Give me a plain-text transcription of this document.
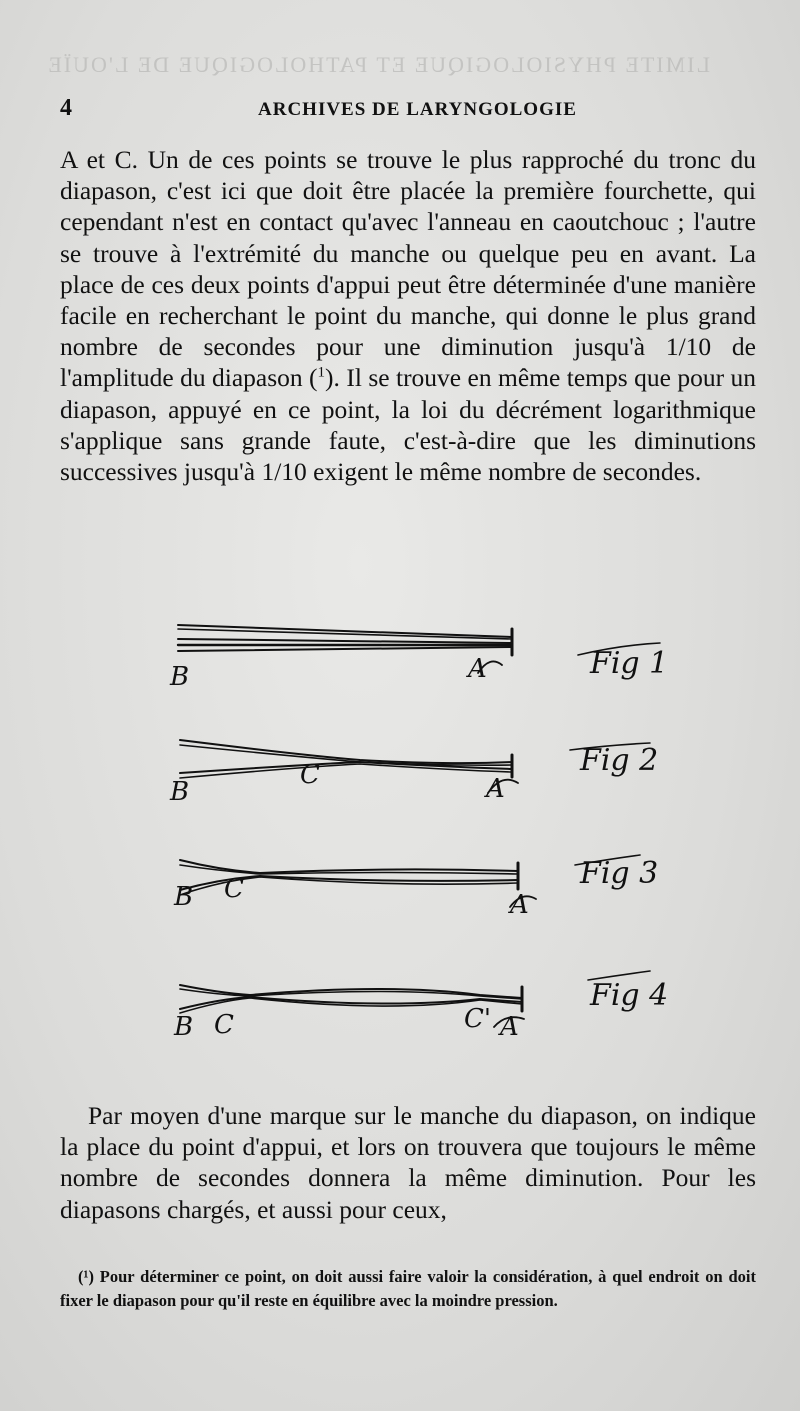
LIMITE PHYSIOLOGIQUE ET PATHOLOGIQUE DE L'OUÏE
4	ARCHIVES DE LARYNGOLOGIE

A et C. Un de ces points se trouve le plus rapproché du tronc du diapason, c'est ici que doit être placée la première fourchette, qui cependant n'est en contact qu'avec l'anneau en caoutchouc ; l'autre se trouve à l'extrémité du manche ou quelque peu en avant. La place de ces deux points d'appui peut être déterminée d'une manière facile en recherchant le point du manche, qui donne le plus grand nombre de secondes pour une diminution jusqu'à 1/10 de l'amplitude du diapason ($^1$). Il se trouve en même temps que pour un diapason, appuyé en ce point, la loi du décrément logarithmique s'applique sans grande faute, c'est-à-dire que les diminutions successives jusqu'à 1/10 exigent le même nombre de secondes.

B	A	Fig 1
B
C	A
Fig 2
B C
A
Fig 3
B C	C' A
Fig 4

Par moyen d'une marque sur le manche du diapason, on indique la place du point d'appui, et lors on trouvera que toujours le même nombre de secondes donnera la même diminution. Pour les diapasons chargés, et aussi pour ceux,

(¹) Pour déterminer ce point, on doit aussi faire valoir la considération, à quel endroit on doit fixer le diapason pour qu'il reste en équilibre avec la moindre pression.
